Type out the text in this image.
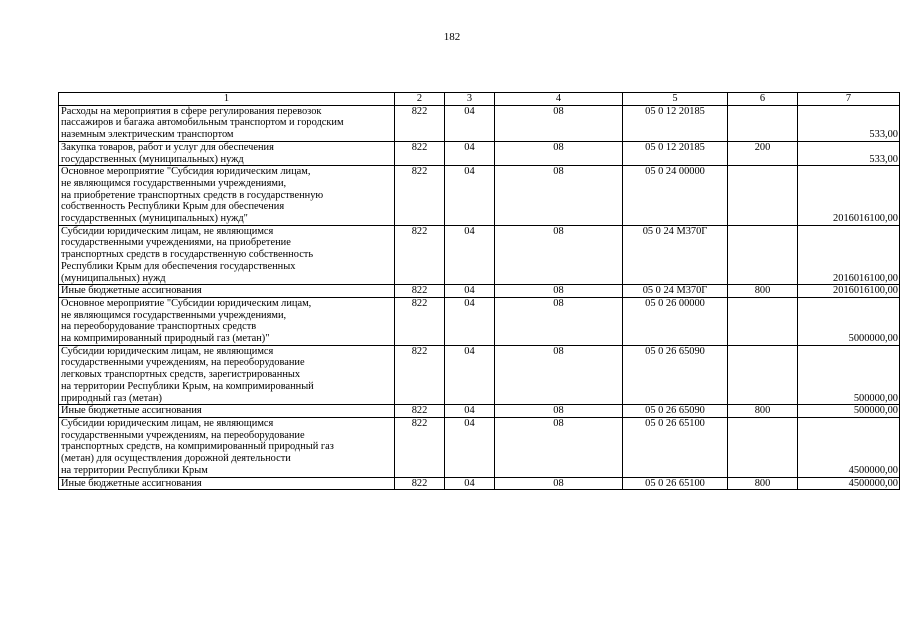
182
1	2	3	4	5	6	7

Расходы на мероприятия в сфере регулирования перевозок
пассажиров и багажа автомобильным транспортом и городским
наземным электрическим транспортом	822	04	08	05 0 12 20185		533,00

Закупка товаров, работ и услуг для обеспечения
государственных (муниципальных) нужд	822	04	08	05 0 12 20185	200	533,00

Основное мероприятие "Субсидия юридическим лицам,
не являющимся государственными учреждениями,
на приобретение транспортных средств в государственную
собственность Республики Крым для обеспечения
государственных (муниципальных) нужд"	822	04	08	05 0 24 00000		2016016100,00

Субсидии юридическим лицам, не являющимся
государственными учреждениями, на приобретение
транспортных средств в государственную собственность
Республики Крым для обеспечения государственных
(муниципальных) нужд	822	04	08	05 0 24 М370Г		2016016100,00

Иные бюджетные ассигнования	822	04	08	05 0 24 М370Г	800	2016016100,00

Основное мероприятие "Субсидии юридическим лицам,
не являющимся государственными учреждениями,
на переоборудование транспортных средств
на компримированный природный газ (метан)"	822	04	08	05 0 26 00000		5000000,00

Субсидии юридическим лицам, не являющимся
государственными учреждениям, на переоборудование
легковых транспортных средств, зарегистрированных
на территории Республики Крым, на компримированный
природный газ (метан)	822	04	08	05 0 26 65090		500000,00

Иные бюджетные ассигнования	822	04	08	05 0 26 65090	800	500000,00

Субсидии юридическим лицам, не являющимся
государственными учреждениям, на переоборудование
транспортных средств, на компримированный природный газ
(метан) для осуществления дорожной деятельности
на территории Республики Крым	822	04	08	05 0 26 65100		4500000,00

Иные бюджетные ассигнования	822	04	08	05 0 26 65100	800	4500000,00
